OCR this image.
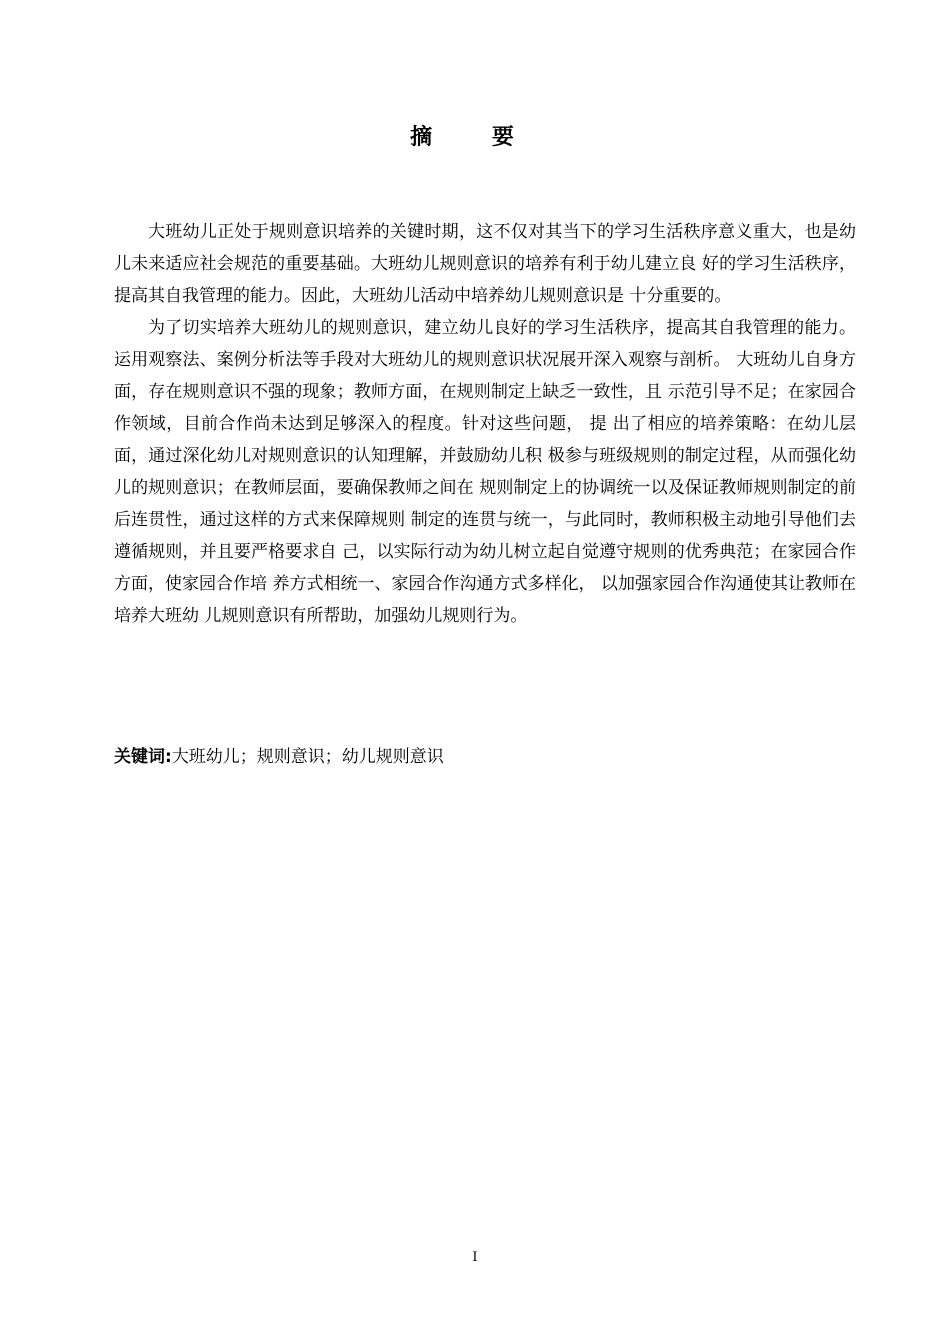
摘 要

大班幼儿正处于规则意识培养的关键时期，这不仅对其当下的学习生活秩序意义重大，也是幼儿未来适应社会规范的重要基础。大班幼儿规则意识的培养有利于幼儿建立良 好的学习生活秩序，提高其自我管理的能力。因此，大班幼儿活动中培养幼儿规则意识是 十分重要的。

为了切实培养大班幼儿的规则意识，建立幼儿良好的学习生活秩序，提高其自我管理的能力。运用观察法、案例分析法等手段对大班幼儿的规则意识状况展开深入观察与剖析。 大班幼儿自身方面，存在规则意识不强的现象；教师方面，在规则制定上缺乏一致性，且 示范引导不足；在家园合作领域，目前合作尚未达到足够深入的程度。针对这些问题， 提 出了相应的培养策略：在幼儿层面，通过深化幼儿对规则意识的认知理解，并鼓励幼儿积 极参与班级规则的制定过程，从而强化幼儿的规则意识；在教师层面，要确保教师之间在 规则制定上的协调统一以及保证教师规则制定的前后连贯性，通过这样的方式来保障规则 制定的连贯与统一，与此同时，教师积极主动地引导他们去遵循规则，并且要严格要求自 己，以实际行动为幼儿树立起自觉遵守规则的优秀典范；在家园合作方面，使家园合作培 养方式相统一、家园合作沟通方式多样化， 以加强家园合作沟通使其让教师在培养大班幼 儿规则意识有所帮助，加强幼儿规则行为。

关键词:大班幼儿；规则意识；幼儿规则意识
I
